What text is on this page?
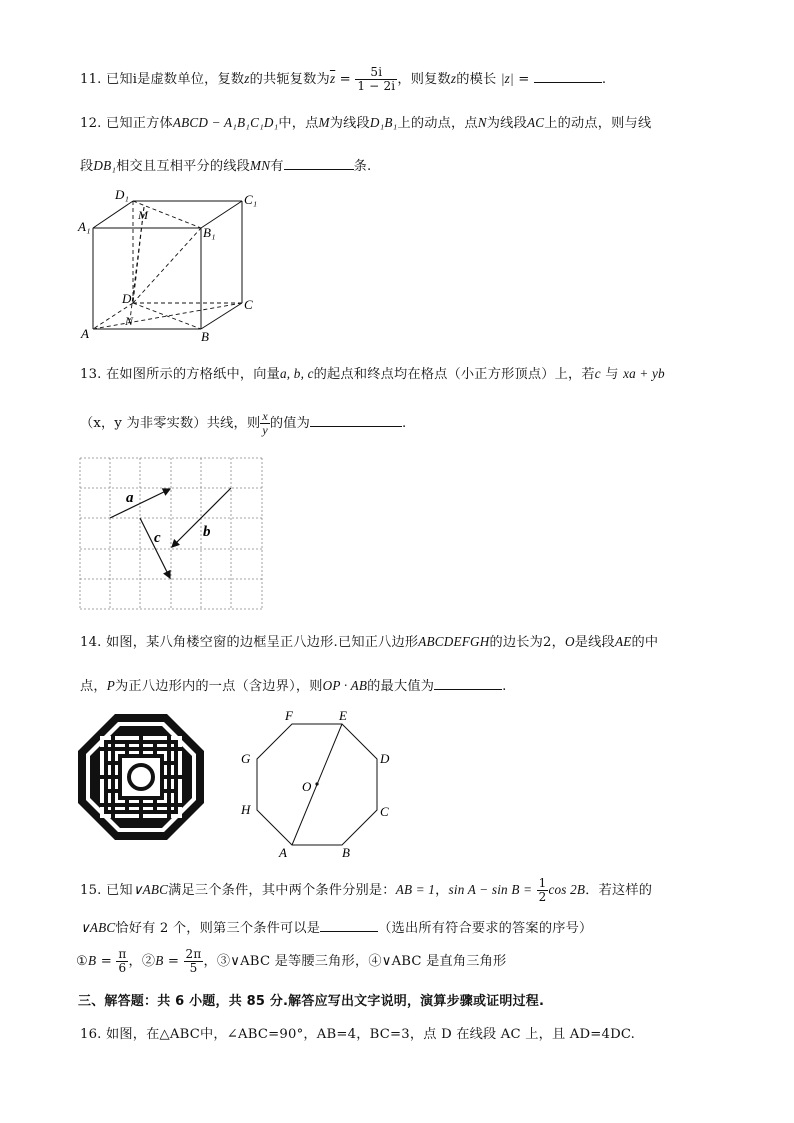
11. 已知i是虚数单位，复数z的共轭复数为$\overline{z} = \frac{5i}{1 - 2i}$ ，则复数z的模长 |z| =	.
12. 已知正方体ABCD − A₁B₁C₁D₁中，点M为线段D₁B₁上的动点，点N为线段AC上的动点，则与线
段DB₁相交且互相平分的线段MN有	条.
D₁	C₁
A₁	B₁
M
D	C
N
A	B
13. 在如图所示的方格纸中，向量a, b, c的起点和终点均在格点（小正方形顶点）上，若c 与 xa + yb
（x，y 为非零实数）共线，则 $\frac{x}{y}$ 的值为	.
a
b
c
14. 如图，某八角楼空窗的边框呈正八边形.已知正八边形ABCDEFGH的边长为2，O是线段AE的中
点，P为正八边形内的一点（含边界），则OP · AB的最大值为	.
F	E
G	D
O
H	C
A	B
15. 已知∨ABC满足三个条件，其中两个条件分别是：AB = 1，$\sin A - \sin B = \frac{1}{2}$ cos 2B．若这样的
∨ABC恰好有 2 个，则第三个条件可以是	（选出所有符合要求的答案的序号）
①B = $\frac{\pi}{6}$ ，②B = $\frac{2\pi}{5}$ ，③∨ABC 是等腰三角形，④∨ABC 是直角三角形
三、解答题：共 6 小题，共 85 分.解答应写出文字说明，演算步骤或证明过程.
16. 如图，在△ABC中，∠ABC=90°，AB=4，BC=3，点 D 在线段 AC 上，且 AD=4DC.
